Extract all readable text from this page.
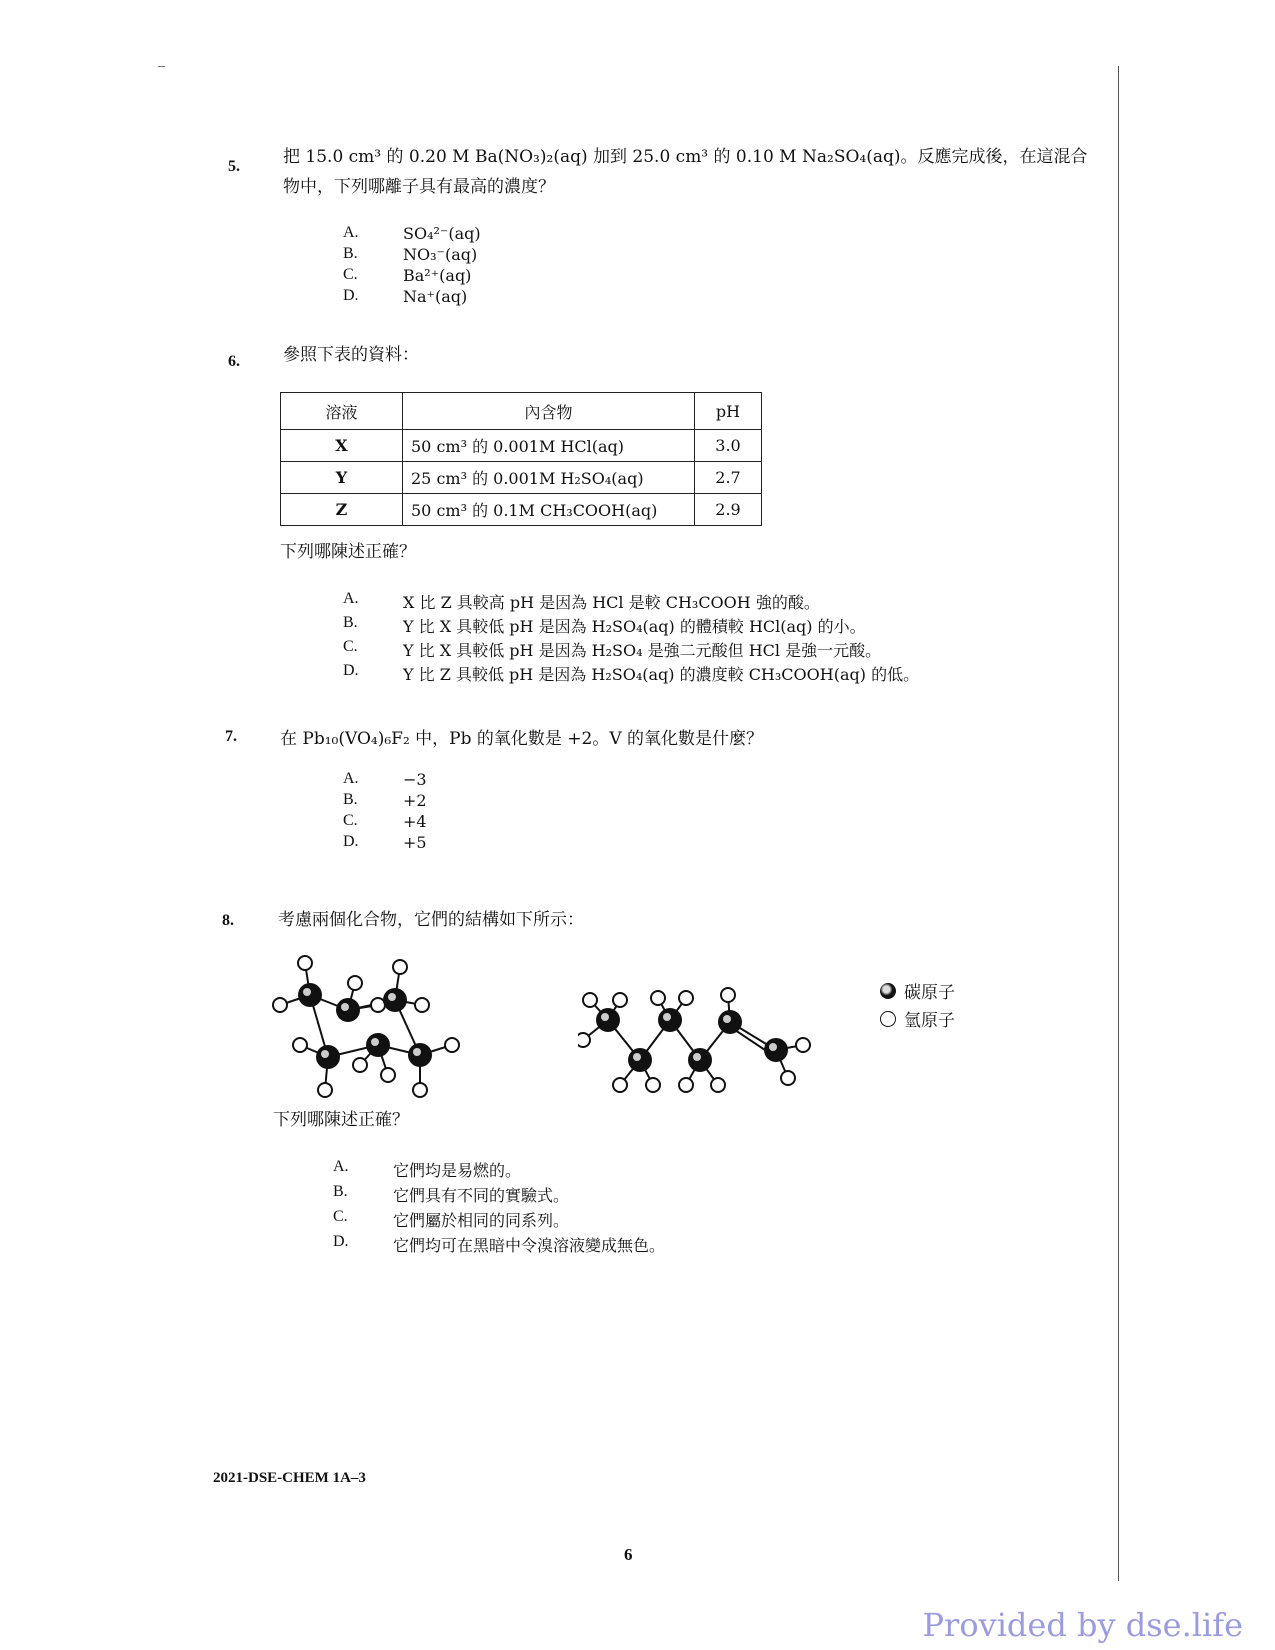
5.	把 15.0 cm³ 的 0.20 M Ba(NO₃)₂(aq) 加到 25.0 cm³ 的 0.10 M Na₂SO₄(aq)。反應完成後，在這混合
物中，下列哪離子具有最高的濃度？
A.	SO₄²⁻(aq)
B.	NO₃⁻(aq)
C.	Ba²⁺(aq)
D.	Na⁺(aq)
6.	參照下表的資料：
溶液	內含物	pH
X	50 cm³ 的 0.001M HCl(aq)	3.0
Y	25 cm³ 的 0.001M H₂SO₄(aq)	2.7
Z	50 cm³ 的 0.1M CH₃COOH(aq)	2.9
下列哪陳述正確？
A.	X 比 Z 具較高 pH 是因為 HCl 是較 CH₃COOH 強的酸。
B.	Y 比 X 具較低 pH 是因為 H₂SO₄(aq) 的體積較 HCl(aq) 的小。
C.	Y 比 X 具較低 pH 是因為 H₂SO₄ 是強二元酸但 HCl 是強一元酸。
D.	Y 比 Z 具較低 pH 是因為 H₂SO₄(aq) 的濃度較 CH₃COOH(aq) 的低。
7.	在 Pb₁₀(VO₄)₆F₂ 中，Pb 的氧化數是 +2。V 的氧化數是什麼？
A.	−3
B.	+2
C.	+4
D.	+5
8.	考慮兩個化合物，它們的結構如下所示：
碳原子
氫原子
下列哪陳述正確？
A.	它們均是易燃的。
B.	它們具有不同的實驗式。
C.	它們屬於相同的同系列。
D.	它們均可在黑暗中令溴溶液變成無色。
2021-DSE-CHEM 1A–3
6
Provided by dse.life
